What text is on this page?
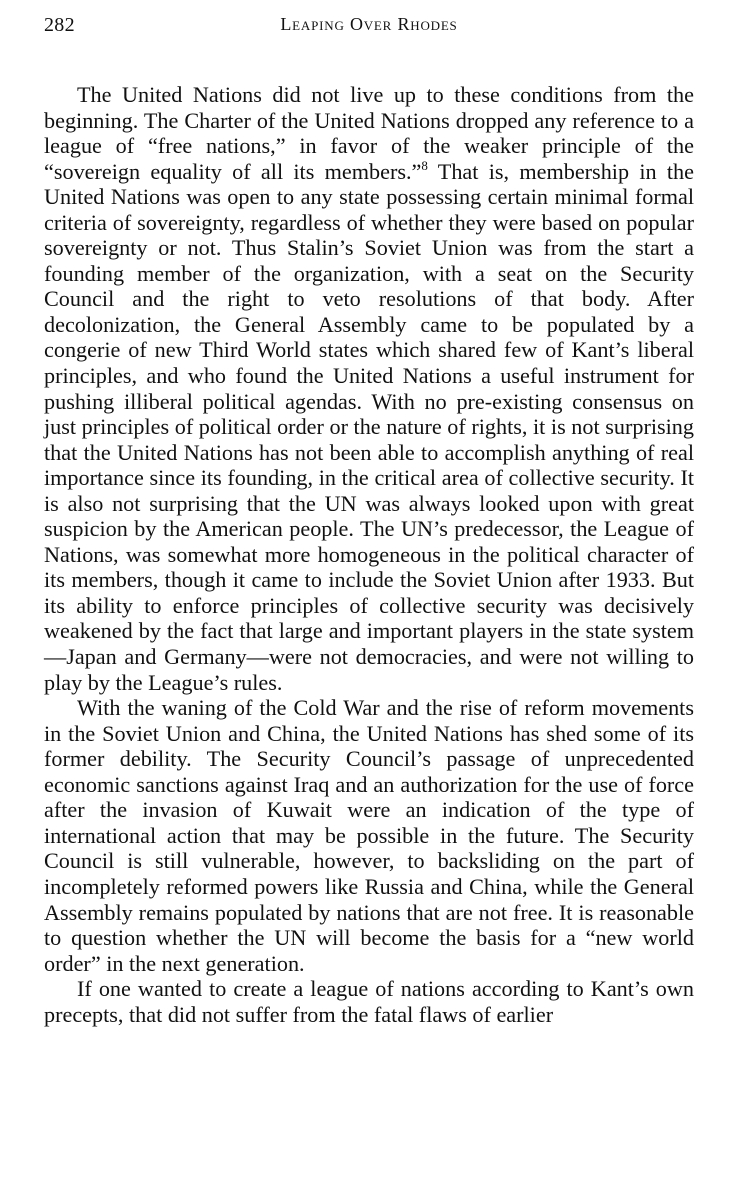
282	Leaping Over Rhodes

The United Nations did not live up to these conditions from the beginning. The Charter of the United Nations dropped any reference to a league of “free nations,” in favor of the weaker principle of the “sovereign equality of all its members.”$^8$ That is, membership in the United Nations was open to any state possessing certain minimal formal criteria of sovereignty, regardless of whether they were based on popular sovereignty or not. Thus Stalin’s Soviet Union was from the start a founding member of the organization, with a seat on the Security Council and the right to veto resolutions of that body. After decolonization, the General Assembly came to be populated by a congerie of new Third World states which shared few of Kant’s liberal principles, and who found the United Nations a useful instrument for pushing illiberal political agendas. With no pre-existing consensus on just principles of political order or the nature of rights, it is not surprising that the United Nations has not been able to accomplish anything of real importance since its founding, in the critical area of collective security. It is also not surprising that the UN was always looked upon with great suspicion by the American people. The UN’s predecessor, the League of Nations, was somewhat more homogeneous in the political character of its members, though it came to include the Soviet Union after 1933. But its ability to enforce principles of collective security was decisively weakened by the fact that large and important players in the state system—Japan and Germany—were not democracies, and were not willing to play by the League’s rules.

With the waning of the Cold War and the rise of reform movements in the Soviet Union and China, the United Nations has shed some of its former debility. The Security Council’s passage of unprecedented economic sanctions against Iraq and an authorization for the use of force after the invasion of Kuwait were an indication of the type of international action that may be possible in the future. The Security Council is still vulnerable, however, to backsliding on the part of incompletely reformed powers like Russia and China, while the General Assembly remains populated by nations that are not free. It is reasonable to question whether the UN will become the basis for a “new world order” in the next generation.

If one wanted to create a league of nations according to Kant’s own precepts, that did not suffer from the fatal flaws of earlier
